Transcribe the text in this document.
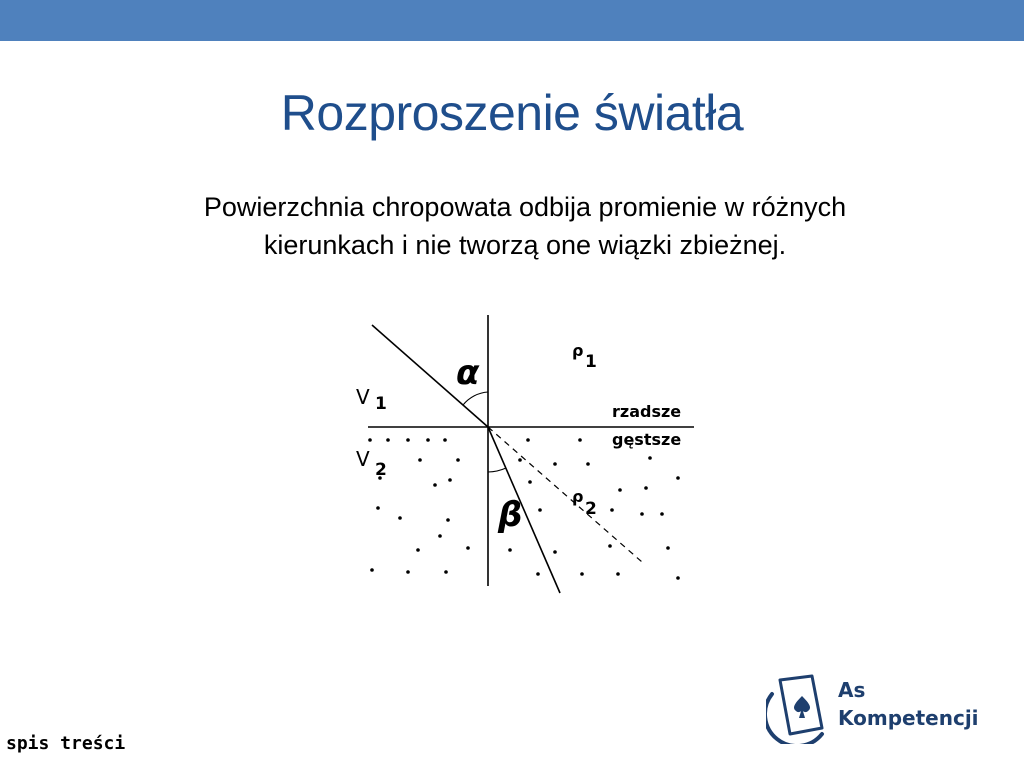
Rozproszenie światła
Powierzchnia chropowata odbija promienie w różnych
kierunkach i nie tworzą one wiązki zbieżnej.
α
β
ρ
1
ρ
2
V 1
V 2
rzadsze
gęstsze
As
Kompetencji
spis treści
